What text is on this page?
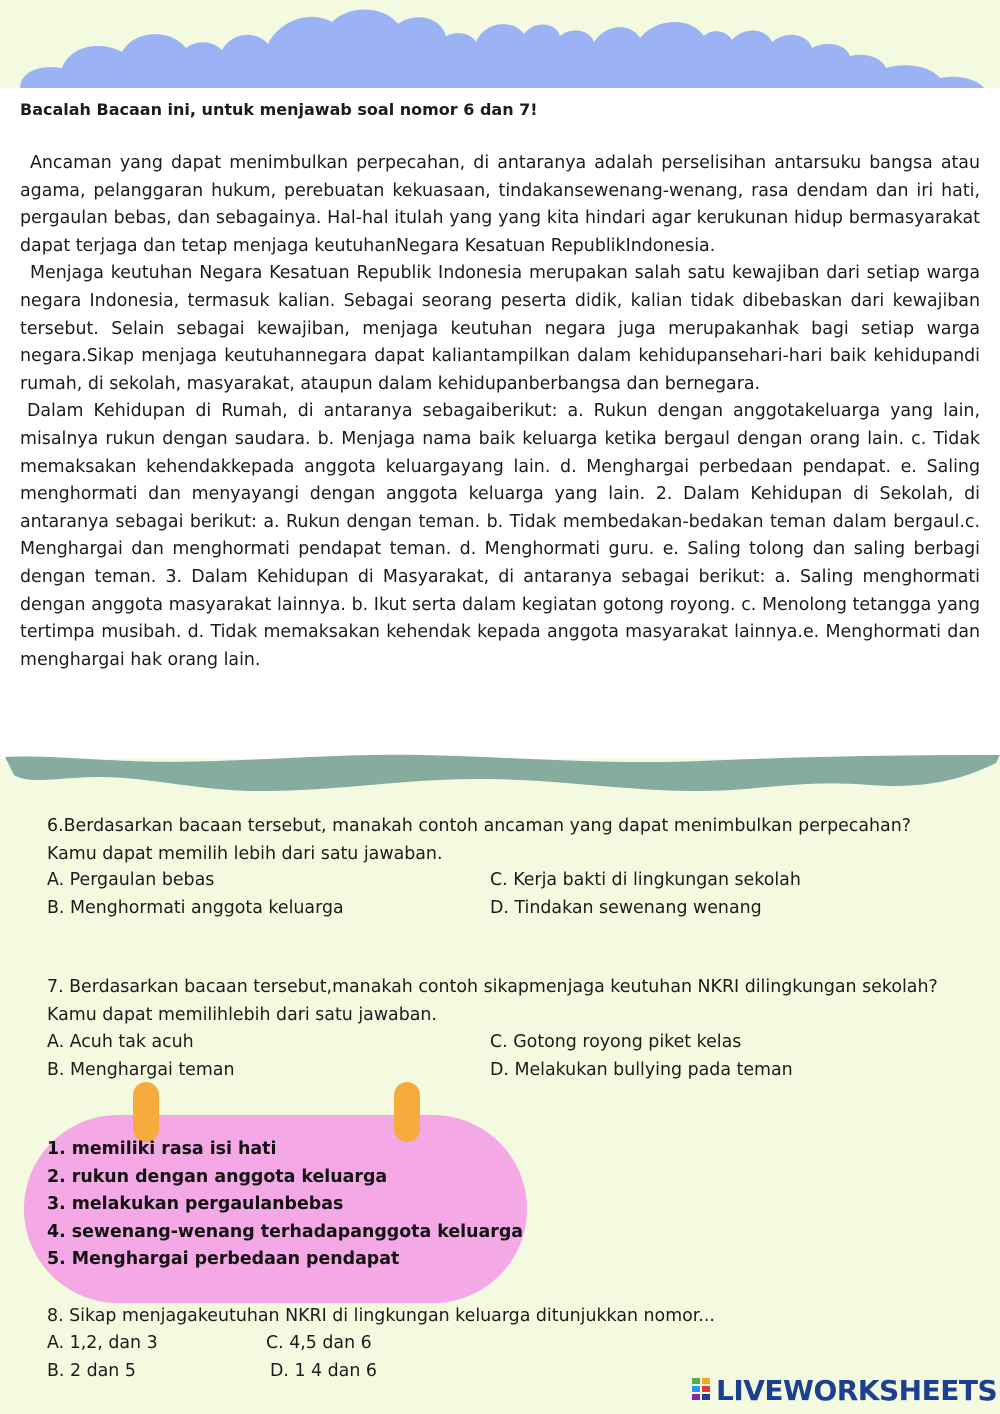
Bacalah Bacaan ini, untuk menjawab soal nomor 6 dan 7!

Ancaman yang dapat menimbulkan perpecahan, di antaranya adalah perselisihan antarsuku bangsa atau agama, pelanggaran hukum, perebuatan kekuasaan, tindakansewenang-wenang, rasa dendam dan iri hati, pergaulan bebas, dan sebagainya. Hal-hal itulah yang yang kita hindari agar kerukunan hidup bermasyarakat dapat terjaga dan tetap menjaga keutuhanNegara Kesatuan RepublikIndonesia.

Menjaga keutuhan Negara Kesatuan Republik Indonesia merupakan salah satu kewajiban dari setiap warga negara Indonesia, termasuk kalian. Sebagai seorang peserta didik, kalian tidak dibebaskan dari kewajiban tersebut. Selain sebagai kewajiban, menjaga keutuhan negara juga merupakanhak bagi setiap warga negara.Sikap menjaga keutuhannegara dapat kaliantampilkan dalam kehidupansehari-hari baik kehidupandi rumah, di sekolah, masyarakat, ataupun dalam kehidupanberbangsa dan bernegara.

Dalam Kehidupan di Rumah, di antaranya sebagaiberikut: a. Rukun dengan anggotakeluarga yang lain, misalnya rukun dengan saudara. b. Menjaga nama baik keluarga ketika bergaul dengan orang lain. c. Tidak memaksakan kehendakkepada anggota keluargayang lain. d. Menghargai perbedaan pendapat. e. Saling menghormati dan menyayangi dengan anggota keluarga yang lain. 2. Dalam Kehidupan di Sekolah, di antaranya sebagai berikut: a. Rukun dengan teman. b. Tidak membedakan-bedakan teman dalam bergaul.c. Menghargai dan menghormati pendapat teman. d. Menghormati guru. e. Saling tolong dan saling berbagi dengan teman. 3. Dalam Kehidupan di Masyarakat, di antaranya sebagai berikut: a. Saling menghormati dengan anggota masyarakat lainnya. b. Ikut serta dalam kegiatan gotong royong. c. Menolong tetangga yang tertimpa musibah. d. Tidak memaksakan kehendak kepada anggota masyarakat lainnya.e. Menghormati dan menghargai hak orang lain.

6.Berdasarkan bacaan tersebut, manakah contoh ancaman yang dapat menimbulkan perpecahan? Kamu dapat memilih lebih dari satu jawaban.
A. Pergaulan bebas	C. Kerja bakti di lingkungan sekolah
B. Menghormati anggota keluarga	D. Tindakan sewenang wenang
7. Berdasarkan bacaan tersebut,manakah contoh sikapmenjaga keutuhan NKRI dilingkungan sekolah?Kamu dapat memilihlebih dari satu jawaban.
A. Acuh tak acuh	C. Gotong royong piket kelas
B. Menghargai teman	D. Melakukan bullying pada teman
1. memiliki rasa isi hati
2. rukun dengan anggota keluarga
3. melakukan pergaulanbebas
4. sewenang-wenang terhadapanggota keluarga
5. Menghargai perbedaan pendapat
8. Sikap menjagakeutuhan NKRI di lingkungan keluarga ditunjukkan nomor...
A. 1,2, dan 3	C. 4,5 dan 6
B. 2 dan 5	D. 1 4 dan 6
LIVEWORKSHEETS
